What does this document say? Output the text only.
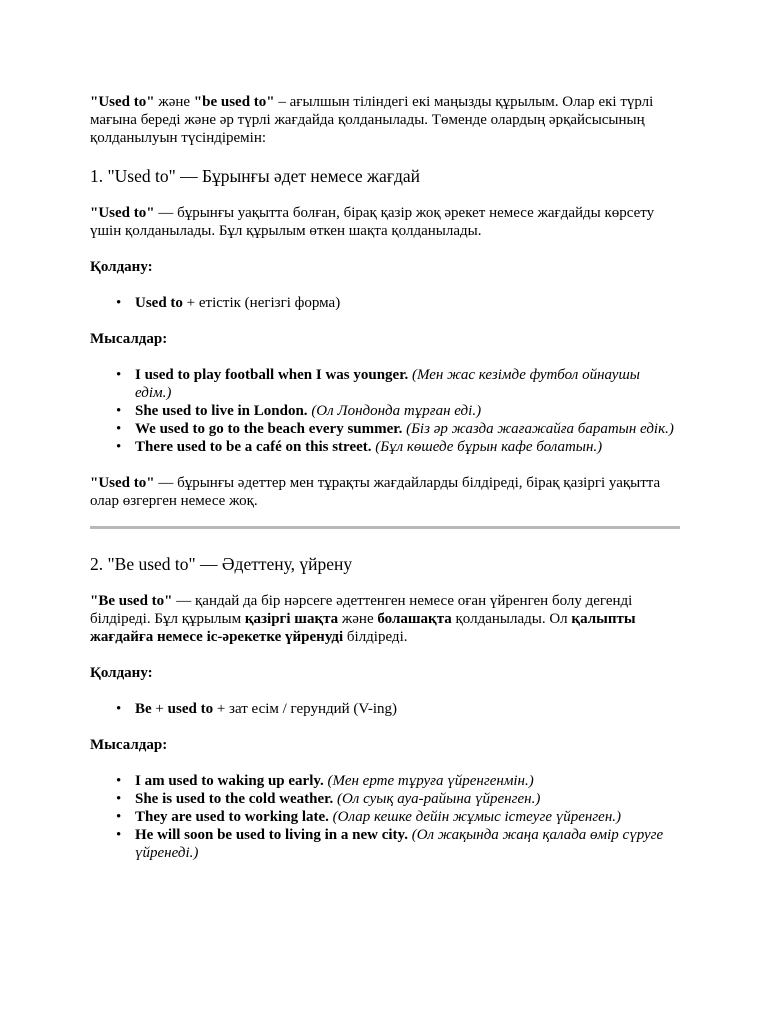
"Used to" және "be used to" – ағылшын тіліндегі екі маңызды құрылым. Олар екі түрлі мағына береді және әр түрлі жағдайда қолданылады. Төменде олардың әрқайсысының қолданылуын түсіндіремін:

1. "Used to" — Бұрынғы әдет немесе жағдай

"Used to" — бұрынғы уақытта болған, бірақ қазір жоқ әрекет немесе жағдайды көрсету үшін қолданылады. Бұл құрылым өткен шақта қолданылады.

Қолдану:

• Used to + етістік (негізгі форма)

Мысалдар:

• I used to play football when I was younger. (Мен жас кезімде футбол ойнаушы едім.)
• She used to live in London. (Ол Лондонда тұрған еді.)
• We used to go to the beach every summer. (Біз әр жазда жағажайға баратын едік.)
• There used to be a café on this street. (Бұл көшеде бұрын кафе болатын.)

"Used to" — бұрынғы әдеттер мен тұрақты жағдайларды білдіреді, бірақ қазіргі уақытта олар өзгерген немесе жоқ.

2. "Be used to" — Әдеттену, үйрену

"Be used to" — қандай да бір нәрсеге әдеттенген немесе оған үйренген болу дегенді білдіреді. Бұл құрылым қазіргі шақта және болашақта қолданылады. Ол қалыпты жағдайға немесе іс-әрекетке үйренуді білдіреді.

Қолдану:

• Be + used to + зат есім / герундий (V-ing)

Мысалдар:

• I am used to waking up early. (Мен ерте тұруға үйренгенмін.)
• She is used to the cold weather. (Ол суық ауа-райына үйренген.)
• They are used to working late. (Олар кешке дейін жұмыс істеуге үйренген.)
• He will soon be used to living in a new city. (Ол жақында жаңа қалада өмір сүруге үйренеді.)
